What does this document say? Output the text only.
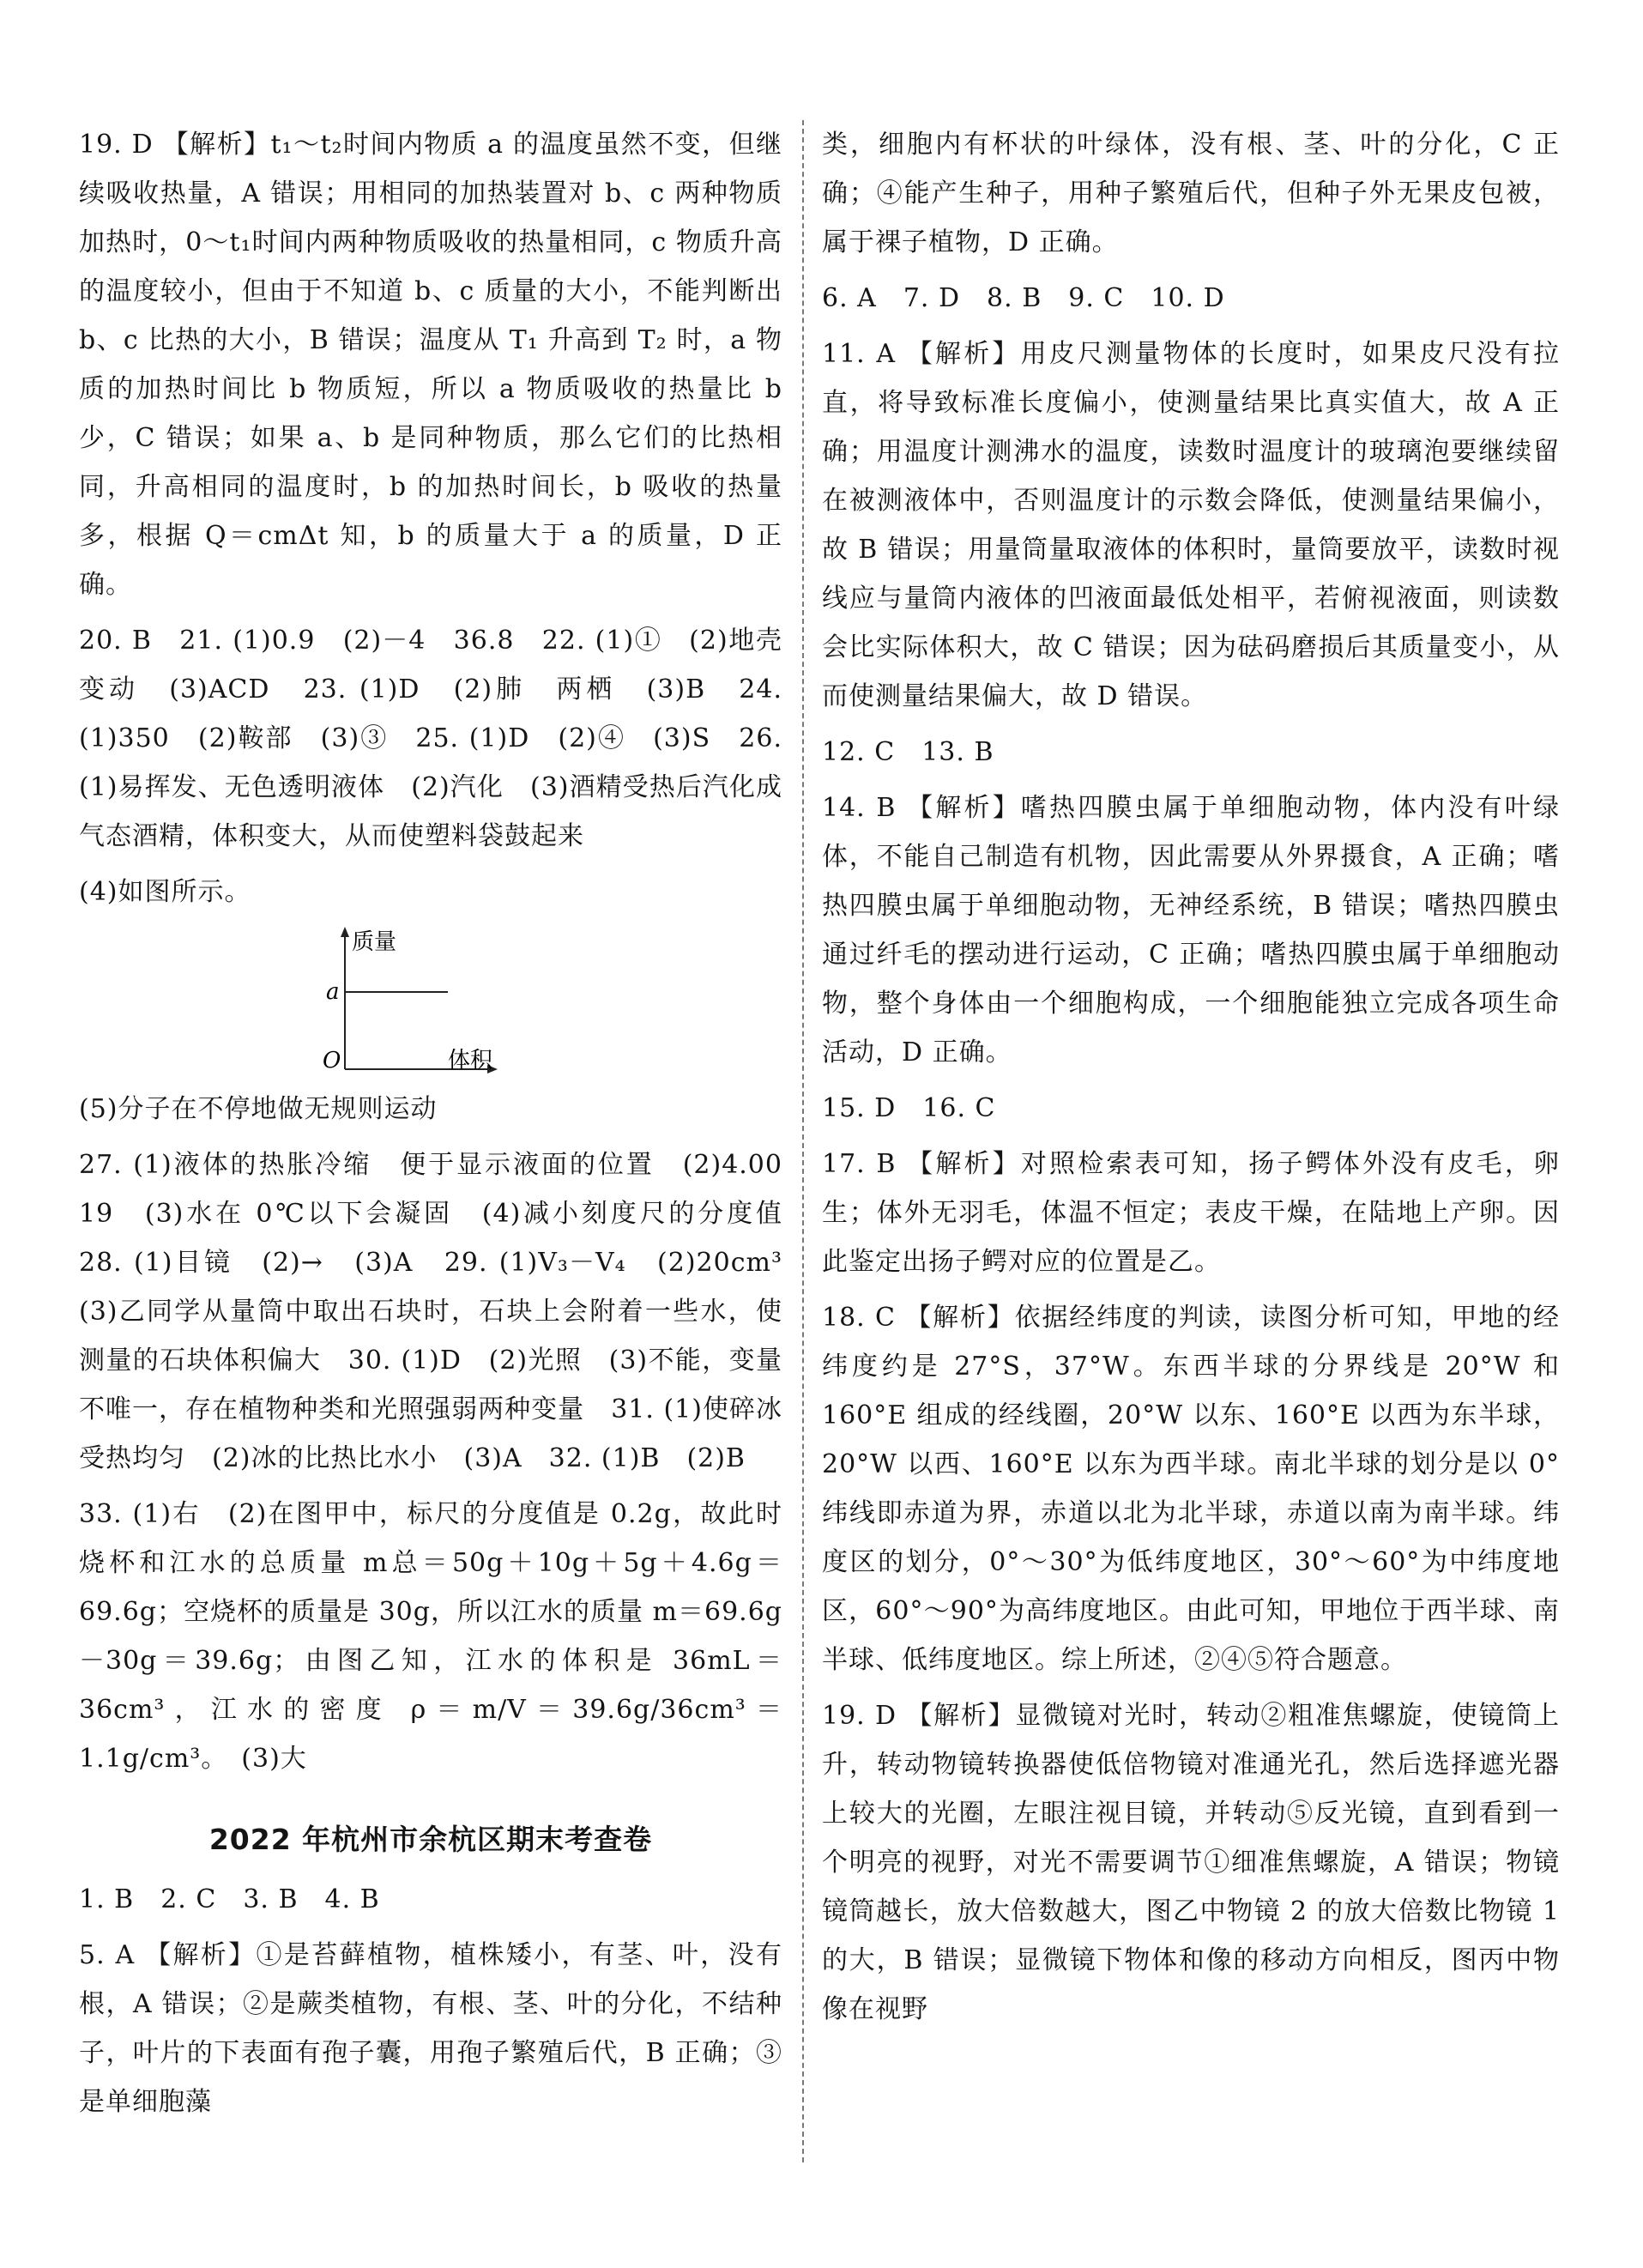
19. D 【解析】t₁～t₂时间内物质 a 的温度虽然不变，但继续吸收热量，A 错误；用相同的加热装置对 b、c 两种物质加热时，0～t₁时间内两种物质吸收的热量相同，c 物质升高的温度较小，但由于不知道 b、c 质量的大小，不能判断出 b、c 比热的大小，B 错误；温度从 T₁ 升高到 T₂ 时，a 物质的加热时间比 b 物质短，所以 a 物质吸收的热量比 b 少，C 错误；如果 a、b 是同种物质，那么它们的比热相同，升高相同的温度时，b 的加热时间长，b 吸收的热量多，根据 Q＝cmΔt 知，b 的质量大于 a 的质量，D 正确。

20. B　21. (1)0.9　(2)－4　36.8　22. (1)①　(2)地壳变动　(3)ACD　23. (1)D　(2)肺　两栖　(3)B　24. (1)350　(2)鞍部　(3)③　25. (1)D　(2)④　(3)S　26. (1)易挥发、无色透明液体　(2)汽化　(3)酒精受热后汽化成气态酒精，体积变大，从而使塑料袋鼓起来

(4)如图所示。

质量
体积
O
a

(5)分子在不停地做无规则运动

27. (1)液体的热胀冷缩　便于显示液面的位置　(2)4.00　19　(3)水在 0℃以下会凝固　(4)减小刻度尺的分度值　28. (1)目镜　(2)→　(3)A　29. (1)V₃－V₄　(2)20cm³　(3)乙同学从量筒中取出石块时，石块上会附着一些水，使测量的石块体积偏大　30. (1)D　(2)光照　(3)不能，变量不唯一，存在植物种类和光照强弱两种变量　31. (1)使碎冰受热均匀　(2)冰的比热比水小　(3)A　32. (1)B　(2)B

33. (1)右　(2)在图甲中，标尺的分度值是 0.2g，故此时烧杯和江水的总质量 m总＝50g＋10g＋5g＋4.6g＝69.6g；空烧杯的质量是 30g，所以江水的质量 m＝69.6g－30g＝39.6g；由图乙知，江水的体积是 36mL＝36cm³，江水的密度 ρ＝m/V＝39.6g/36cm³＝1.1g/cm³。　(3)大

2022 年杭州市余杭区期末考查卷

1. B　2. C　3. B　4. B

5. A 【解析】①是苔藓植物，植株矮小，有茎、叶，没有根，A 错误；②是蕨类植物，有根、茎、叶的分化，不结种子，叶片的下表面有孢子囊，用孢子繁殖后代，B 正确；③是单细胞藻

类，细胞内有杯状的叶绿体，没有根、茎、叶的分化，C 正确；④能产生种子，用种子繁殖后代，但种子外无果皮包被，属于裸子植物，D 正确。

6. A　7. D　8. B　9. C　10. D

11. A 【解析】用皮尺测量物体的长度时，如果皮尺没有拉直，将导致标准长度偏小，使测量结果比真实值大，故 A 正确；用温度计测沸水的温度，读数时温度计的玻璃泡要继续留在被测液体中，否则温度计的示数会降低，使测量结果偏小，故 B 错误；用量筒量取液体的体积时，量筒要放平，读数时视线应与量筒内液体的凹液面最低处相平，若俯视液面，则读数会比实际体积大，故 C 错误；因为砝码磨损后其质量变小，从而使测量结果偏大，故 D 错误。

12. C　13. B

14. B 【解析】嗜热四膜虫属于单细胞动物，体内没有叶绿体，不能自己制造有机物，因此需要从外界摄食，A 正确；嗜热四膜虫属于单细胞动物，无神经系统，B 错误；嗜热四膜虫通过纤毛的摆动进行运动，C 正确；嗜热四膜虫属于单细胞动物，整个身体由一个细胞构成，一个细胞能独立完成各项生命活动，D 正确。

15. D　16. C

17. B 【解析】对照检索表可知，扬子鳄体外没有皮毛，卵生；体外无羽毛，体温不恒定；表皮干燥，在陆地上产卵。因此鉴定出扬子鳄对应的位置是乙。

18. C 【解析】依据经纬度的判读，读图分析可知，甲地的经纬度约是 27°S，37°W。东西半球的分界线是 20°W 和 160°E 组成的经线圈，20°W 以东、160°E 以西为东半球，20°W 以西、160°E 以东为西半球。南北半球的划分是以 0°纬线即赤道为界，赤道以北为北半球，赤道以南为南半球。纬度区的划分，0°～30°为低纬度地区，30°～60°为中纬度地区，60°～90°为高纬度地区。由此可知，甲地位于西半球、南半球、低纬度地区。综上所述，②④⑤符合题意。

19. D 【解析】显微镜对光时，转动②粗准焦螺旋，使镜筒上升，转动物镜转换器使低倍物镜对准通光孔，然后选择遮光器上较大的光圈，左眼注视目镜，并转动⑤反光镜，直到看到一个明亮的视野，对光不需要调节①细准焦螺旋，A 错误；物镜镜筒越长，放大倍数越大，图乙中物镜 2 的放大倍数比物镜 1 的大，B 错误；显微镜下物体和像的移动方向相反，图丙中物像在视野
